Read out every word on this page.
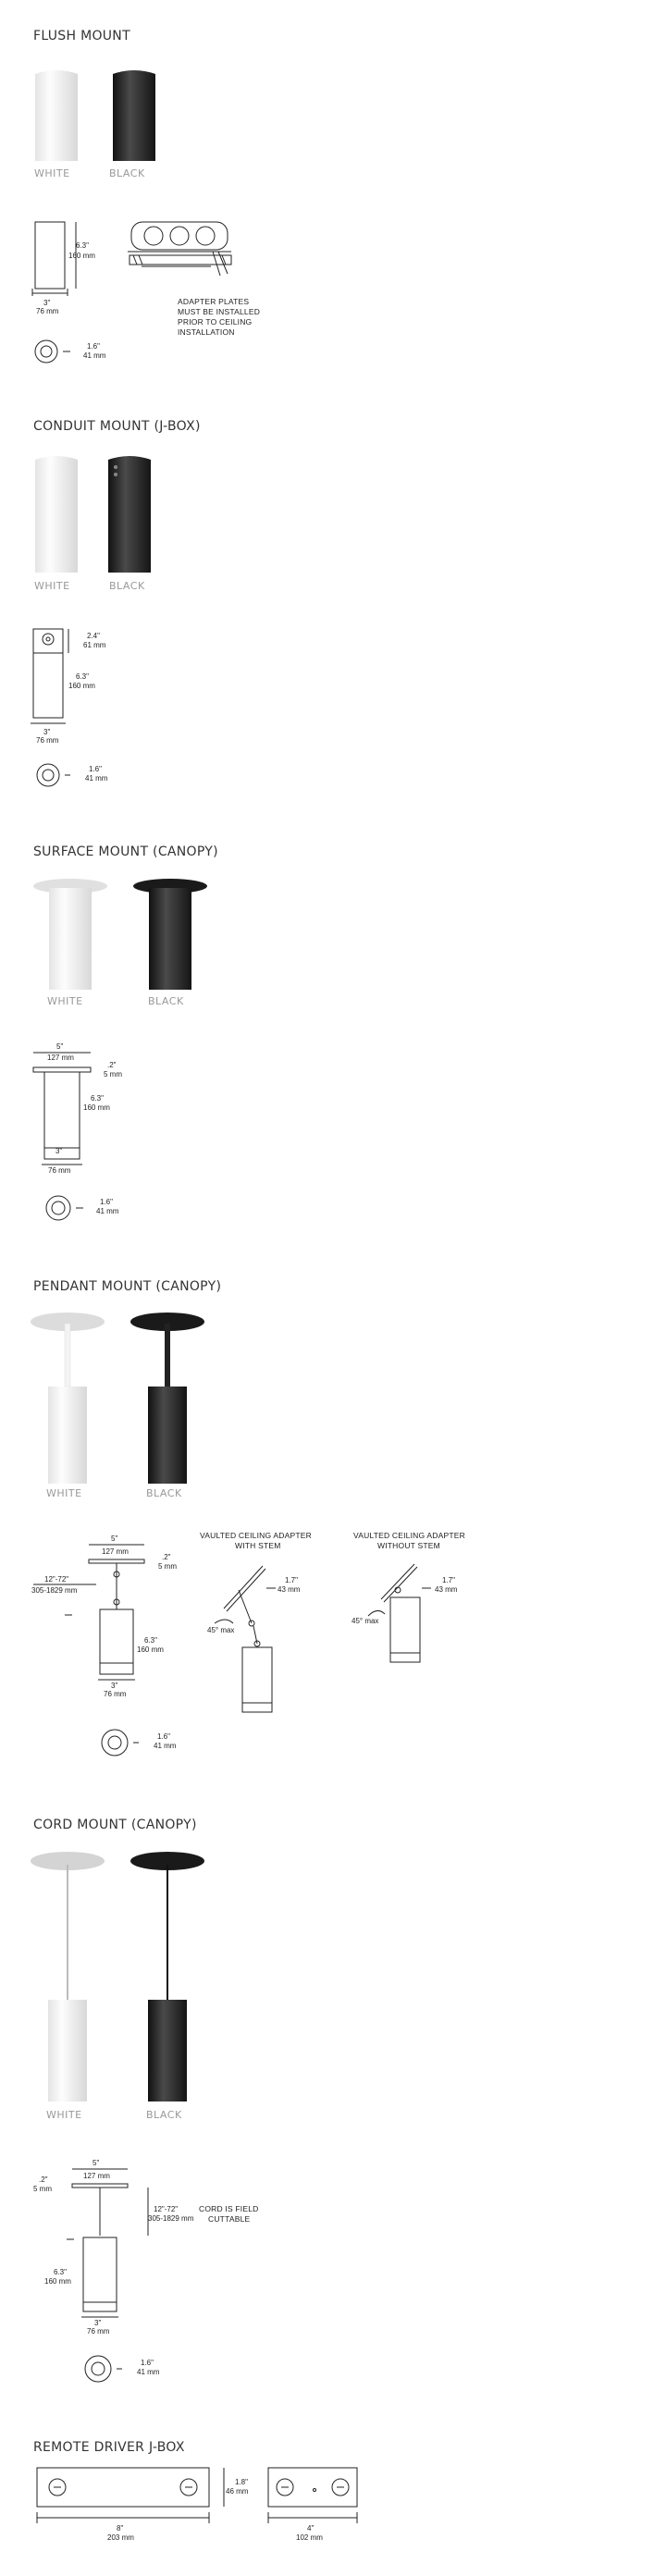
FLUSH MOUNT
WHITE	BLACK
6.3"
160 mm
3"
76 mm
1.6"
41 mm
ADAPTER PLATES
MUST BE INSTALLED
PRIOR TO CEILING
INSTALLATION
CONDUIT MOUNT (J-BOX)
WHITE	BLACK
2.4"
61 mm
6.3"
160 mm
3"
76 mm
1.6"
41 mm
SURFACE MOUNT (CANOPY)
WHITE	BLACK
5"
127 mm
.2"
5 mm
6.3"
160 mm
3"
76 mm
1.6"
41 mm
PENDANT MOUNT (CANOPY)
WHITE	BLACK
5"
127 mm
.2"
5 mm
12"-72"
305-1829 mm
6.3"
160 mm
3"
76 mm
1.6"
41 mm
VAULTED CEILING ADAPTER
WITH STEM
1.7"
43 mm
45° max
VAULTED CEILING ADAPTER
WITHOUT STEM
1.7"
43 mm
45° max
CORD MOUNT (CANOPY)
WHITE	BLACK
5"
127 mm
.2"
5 mm
12"-72"
305-1829 mm
CORD IS FIELD
CUTTABLE
6.3"
160 mm
3"
76 mm
1.6"
41 mm
REMOTE DRIVER J-BOX
1.8"
46 mm
8"
203 mm
4"
102 mm
